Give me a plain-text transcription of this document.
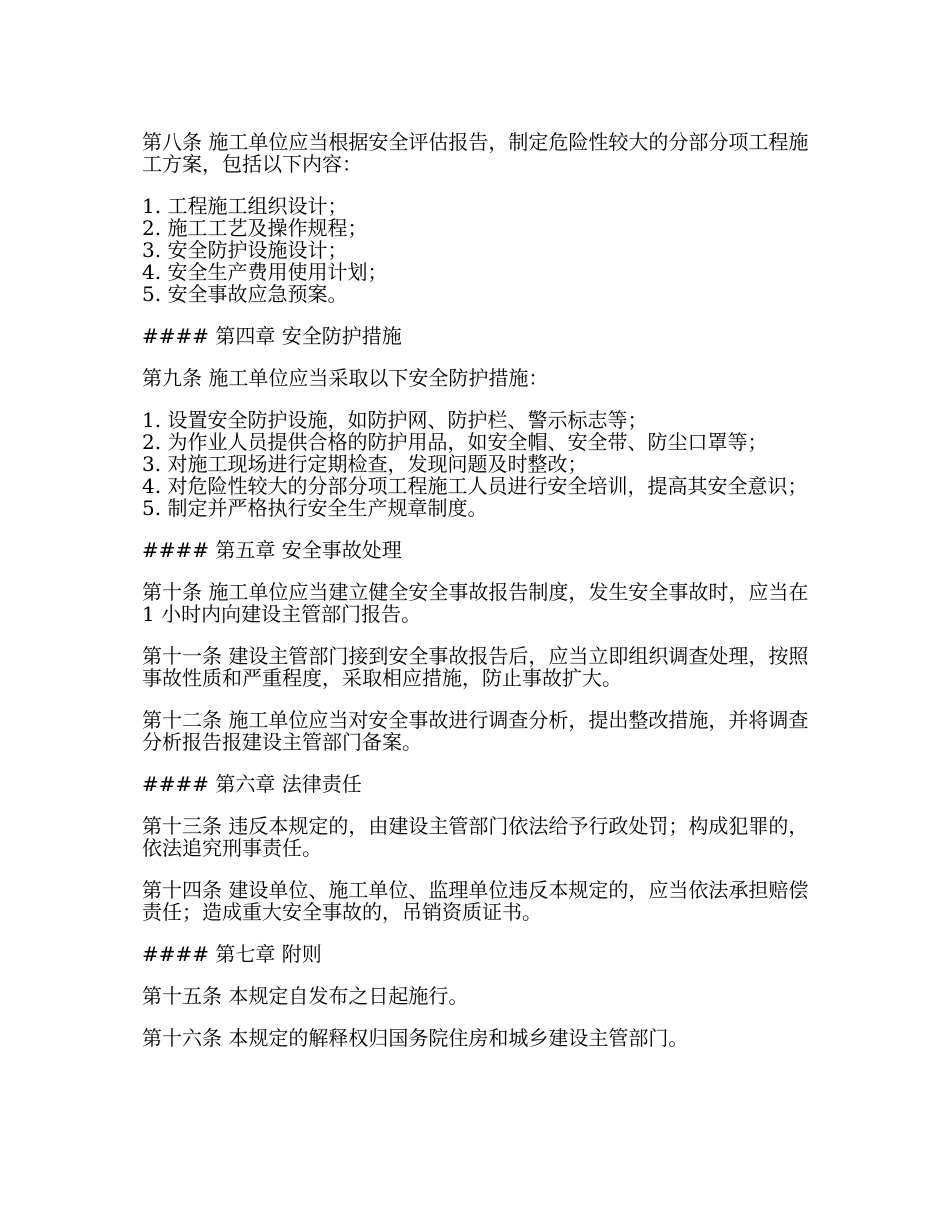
第八条 施工单位应当根据安全评估报告，制定危险性较大的分部分项工程施工方案，包括以下内容：

1. 工程施工组织设计；
2. 施工工艺及操作规程；
3. 安全防护设施设计；
4. 安全生产费用使用计划；
5. 安全事故应急预案。
#### 第四章 安全防护措施

第九条 施工单位应当采取以下安全防护措施：

1. 设置安全防护设施，如防护网、防护栏、警示标志等；
2. 为作业人员提供合格的防护用品，如安全帽、安全带、防尘口罩等；
3. 对施工现场进行定期检查，发现问题及时整改；
4. 对危险性较大的分部分项工程施工人员进行安全培训，提高其安全意识；
5. 制定并严格执行安全生产规章制度。
#### 第五章 安全事故处理

第十条 施工单位应当建立健全安全事故报告制度，发生安全事故时，应当在 1 小时内向建设主管部门报告。

第十一条 建设主管部门接到安全事故报告后，应当立即组织调查处理，按照事故性质和严重程度，采取相应措施，防止事故扩大。

第十二条 施工单位应当对安全事故进行调查分析，提出整改措施，并将调查分析报告报建设主管部门备案。

#### 第六章 法律责任

第十三条 违反本规定的，由建设主管部门依法给予行政处罚；构成犯罪的，依法追究刑事责任。

第十四条 建设单位、施工单位、监理单位违反本规定的，应当依法承担赔偿责任；造成重大安全事故的，吊销资质证书。

#### 第七章 附则

第十五条 本规定自发布之日起施行。

第十六条 本规定的解释权归国务院住房和城乡建设主管部门。
